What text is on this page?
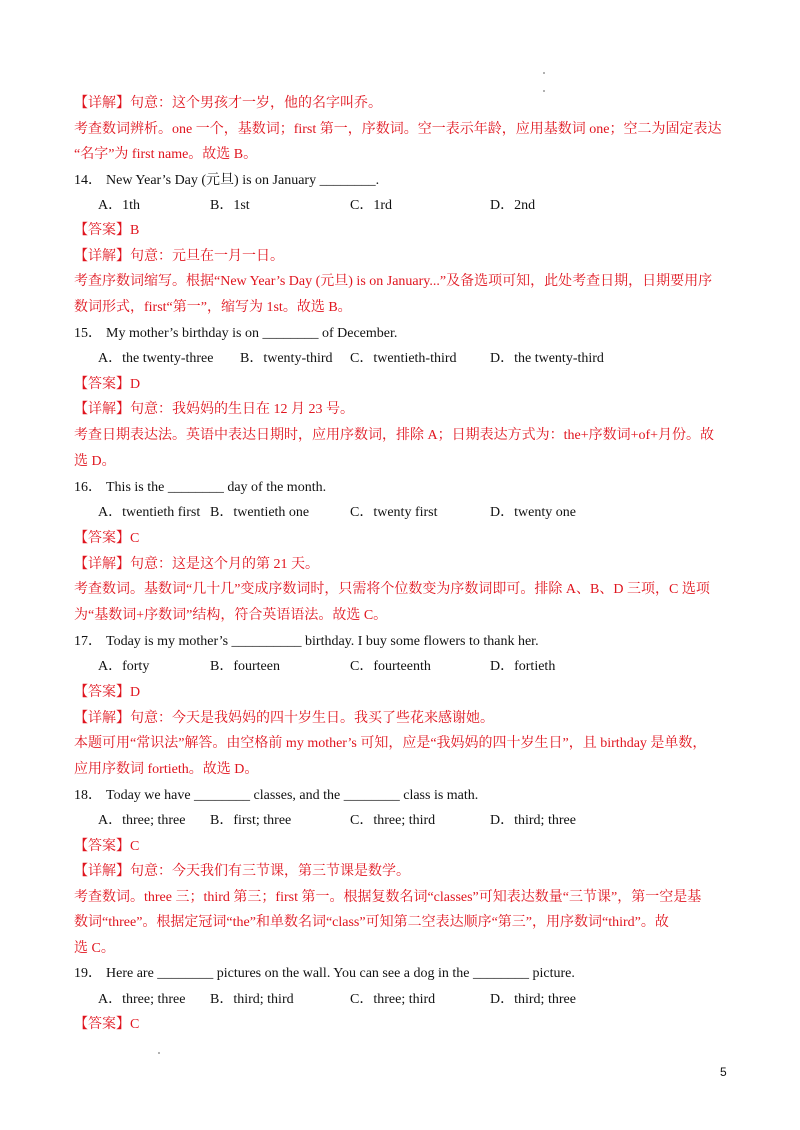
【详解】句意：这个男孩才一岁，他的名字叫乔。
考查数词辨析。one 一个，基数词；first 第一，序数词。空一表示年龄，应用基数词 one；空二为固定表达
“名字”为 first name。故选 B。
14． New Year’s Day (元旦) is on January ________.
A．1th	B．1st	C．1rd	D．2nd
【答案】B
【详解】句意：元旦在一月一日。
考查序数词缩写。根据“New Year’s Day (元旦) is on January...”及备选项可知，此处考查日期，日期要用序
数词形式，first“第一”，缩写为 1st。故选 B。
15． My mother’s birthday is on ________ of December.
A．the twenty-three B．twenty-third C．twentieth-third D．the twenty-third
【答案】D
【详解】句意：我妈妈的生日在 12 月 23 号。
考查日期表达法。英语中表达日期时，应用序数词，排除 A；日期表达方式为：the+序数词+of+月份。故
选 D。
16． This is the ________ day of the month.
A．twentieth first B．twentieth one	C．twenty first	D．twenty one
【答案】C
【详解】句意：这是这个月的第 21 天。
考查数词。基数词“几十几”变成序数词时，只需将个位数变为序数词即可。排除 A、B、D 三项，C 选项
为“基数词+序数词”结构，符合英语语法。故选 C。
17． Today is my mother’s __________ birthday. I buy some flowers to thank her.
A．forty	B．fourteen	C．fourteenth	D．fortieth
【答案】D
【详解】句意：今天是我妈妈的四十岁生日。我买了些花来感谢她。
本题可用“常识法”解答。由空格前 my mother’s 可知，应是“我妈妈的四十岁生日”，且 birthday 是单数，
应用序数词 fortieth。故选 D。
18． Today we have ________ classes, and the ________ class is math.
A．three; three B．first; three	C．three; third	D．third; three
【答案】C
【详解】句意：今天我们有三节课，第三节课是数学。
考查数词。three 三；third 第三；first 第一。根据复数名词“classes”可知表达数量“三节课”，第一空是基
数词“three”。根据定冠词“the”和单数名词“class”可知第二空表达顺序“第三”，用序数词“third”。故
选 C。
19． Here are ________ pictures on the wall. You can see a dog in the ________ picture.
A．three; three B．third; third	C．three; third	D．third; three
【答案】C
5
